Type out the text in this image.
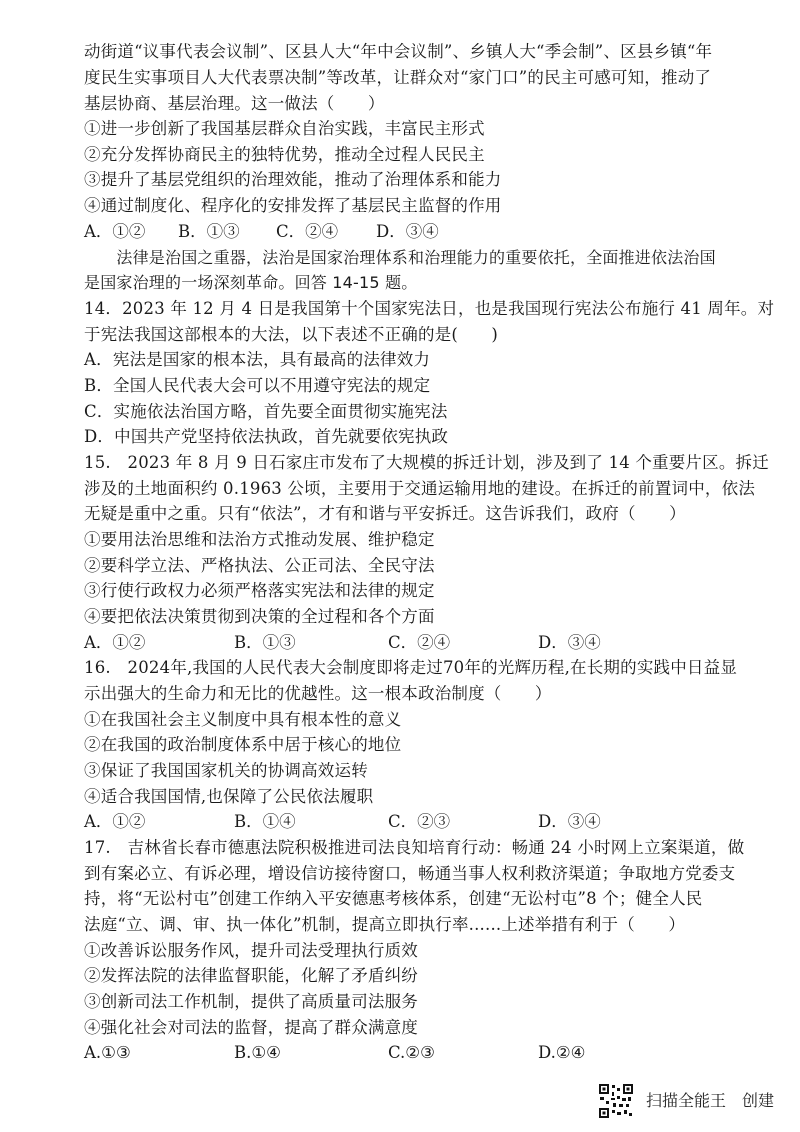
动街道“议事代表会议制”、区县人大“年中会议制”、乡镇人大“季会制”、区县乡镇“年
度民生实事项目人大代表票决制”等改革，让群众对“家门口”的民主可感可知，推动了
基层协商、基层治理。这一做法（　　）
①进一步创新了我国基层群众自治实践，丰富民主形式
②充分发挥协商民主的独特优势，推动全过程人民民主
③提升了基层党组织的治理效能，推动了治理体系和能力
④通过制度化、程序化的安排发挥了基层民主监督的作用
A．①② B．①③ C．②④ D．③④
　　法律是治国之重器，法治是国家治理体系和治理能力的重要依托，全面推进依法治国
是国家治理的一场深刻革命。回答 14-15 题。
14．2023 年 12 月 4 日是我国第十个国家宪法日，也是我国现行宪法公布施行 41 周年。对
于宪法我国这部根本的大法，以下表述不正确的是(　　)
A．宪法是国家的根本法，具有最高的法律效力
B．全国人民代表大会可以不用遵守宪法的规定
C．实施依法治国方略，首先要全面贯彻实施宪法
D．中国共产党坚持依法执政，首先就要依宪执政
15.　2023 年 8 月 9 日石家庄市发布了大规模的拆迁计划，涉及到了 14 个重要片区。拆迁
涉及的土地面积约 0.1963 公顷，主要用于交通运输用地的建设。在拆迁的前置词中，依法
无疑是重中之重。只有“依法”，才有和谐与平安拆迁。这告诉我们，政府（　　）
①要用法治思维和法治方式推动发展、维护稳定
②要科学立法、严格执法、公正司法、全民守法
③行使行政权力必须严格落实宪法和法律的规定
④要把依法决策贯彻到决策的全过程和各个方面
A．①②	B．①③	C．②④	D．③④
16.　2024年,我国的人民代表大会制度即将走过70年的光辉历程,在长期的实践中日益显
示出强大的生命力和无比的优越性。这一根本政治制度（　　）
①在我国社会主义制度中具有根本性的意义
②在我国的政治制度体系中居于核心的地位
③保证了我国国家机关的协调高效运转
④适合我国国情,也保障了公民依法履职
A．①②	B．①④	C．②③	D．③④
17.　吉林省长春市德惠法院积极推进司法良知培育行动：畅通 24 小时网上立案渠道，做
到有案必立、有诉必理，增设信访接待窗口，畅通当事人权利救济渠道；争取地方党委支
持，将“无讼村屯”创建工作纳入平安德惠考核体系，创建“无讼村屯”8 个；健全人民
法庭“立、调、审、执一体化”机制，提高立即执行率......上述举措有利于（　　）
①改善诉讼服务作风，提升司法受理执行质效
②发挥法院的法律监督职能，化解了矛盾纠纷
③创新司法工作机制，提供了高质量司法服务
④强化社会对司法的监督，提高了群众满意度
A.①③	B.①④	C.②③	D.②④
扫描全能王　创建
